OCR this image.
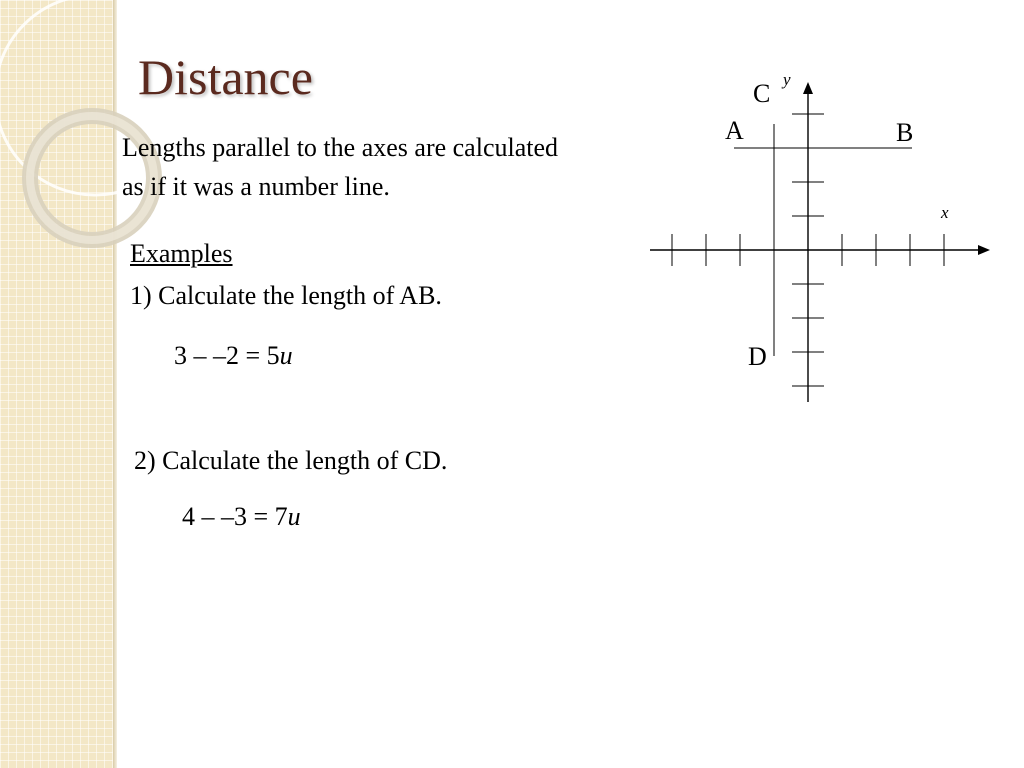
Distance
Lengths parallel to the axes are calculated
as if it was a number line.
Examples
1) Calculate the length of AB.
3 – –2 = 5u
2) Calculate the length of CD.
4 – –3 = 7u
C
A	B
D
y
x
